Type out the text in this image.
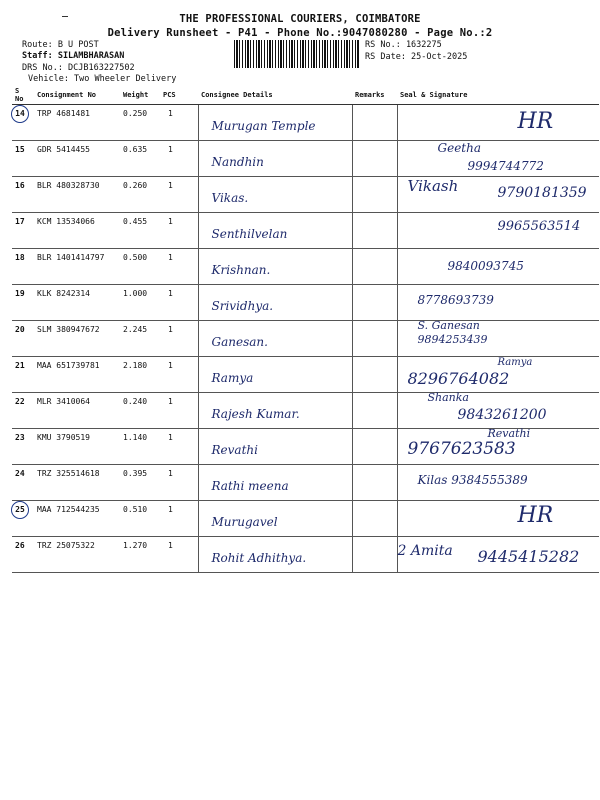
THE PROFESSIONAL COURIERS, COIMBATORE
Delivery Runsheet - P41 - Phone No.:9047080280 - Page No.:2
Route: B U POST
Staff: SILAMBHARASAN
DRS No.: DCJB163227502
Vehicle: Two Wheeler Delivery
RS No.: 1632275
RS Date: 25-Oct-2025
S No	Consignment No	Weight	PCS	Consignee Details	Remarks	Seal & Signature
14	TRP 4681481	0.250	1	Murugan Temple		HR

15	GDR 5414455	0.635	1	Nandhin		Geetha
9994744772

16	BLR 480328730	0.260	1	Vikas.		Vikash 9790181359

17	KCM 13534066	0.455	1	Senthilvelan		9965563514

18	BLR 1401414797	0.500	1	Krishnan.		9840093745

19	KLK 8242314	1.000	1	Srividhya.		8778693739

20	SLM 380947672	2.245	1	Ganesan.		S. Ganesan
9894253439

21	MAA 651739781	2.180	1	Ramya		Ramya
8296764082

22	MLR 3410064	0.240	1	Rajesh Kumar.		Shanka
9843261200

23	KMU 3790519	1.140	1	Revathi		Revathi
9767623583

24	TRZ 325514618	0.395	1	Rathi meena		Kilas 9384555389

25	MAA 712544235	0.510	1	Murugavel		HR

26	TRZ 25075322	1.270	1	Rohit Adhithya.		2 Amita 9445415282
